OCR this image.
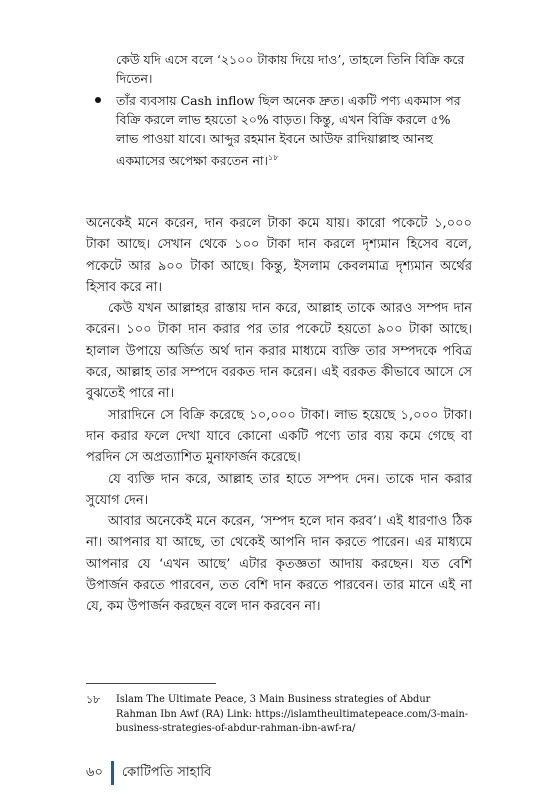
কেউ যদি এসে বলে ‘২১০০ টাকায় দিয়ে দাও’, তাহলে তিনি বিক্রি করে দিতেন।
তাঁর ব্যবসায় Cash inflow ছিল অনেক দ্রুত। একটি পণ্য একমাস পর বিক্রি করলে লাভ হয়তো ২০% বাড়ত। কিন্তু, এখন বিক্রি করলে ৫% লাভ পাওয়া যাবে। আব্দুর রহমান ইবনে আউফ রাদিয়াল্লাহু আনহু একমাসের অপেক্ষা করতেন না।$^{১৮}$

অনেকেই মনে করেন, দান করলে টাকা কমে যায়। কারো পকেটে ১,০০০ টাকা আছে। সেখান থেকে ১০০ টাকা দান করলে দৃশ্যমান হিসেব বলে, পকেটে আর ৯০০ টাকা আছে। কিন্তু, ইসলাম কেবলমাত্র দৃশ্যমান অর্থের হিসাব করে না।

কেউ যখন আল্লাহর রাস্তায় দান করে, আল্লাহ তাকে আরও সম্পদ দান করেন। ১০০ টাকা দান করার পর তার পকেটে হয়তো ৯০০ টাকা আছে। হালাল উপায়ে অর্জিত অর্থ দান করার মাধ্যমে ব্যক্তি তার সম্পদকে পবিত্র করে, আল্লাহ তার সম্পদে বরকত দান করেন। এই বরকত কীভাবে আসে সে বুঝতেই পারে না।

সারাদিনে সে বিক্রি করেছে ১০,০০০ টাকা। লাভ হয়েছে ১,০০০ টাকা। দান করার ফলে দেখা যাবে কোনো একটি পণ্যে তার ব্যয় কমে গেছে বা পরদিন সে অপ্রত্যাশিত মুনাফার্জন করেছে।

যে ব্যক্তি দান করে, আল্লাহ তার হাতে সম্পদ দেন। তাকে দান করার সুযোগ দেন।

আবার অনেকেই মনে করেন, ‘সম্পদ হলে দান করব’। এই ধারণাও ঠিক না। আপনার যা আছে, তা থেকেই আপনি দান করতে পারেন। এর মাধ্যমে আপনার যে ‘এখন আছে’ এটার কৃতজ্ঞতা আদায় করছেন। যত বেশি উপার্জন করতে পারবেন, তত বেশি দান করতে পারবেন। তার মানে এই না যে, কম উপার্জন করছেন বলে দান করবেন না।

১৮ Islam The Ultimate Peace, 3 Main Business strategies of Abdur Rahman Ibn Awf (RA) Link: https://islamtheultimatepeace.com/3-main-business-strategies-of-abdur-rahman-ibn-awf-ra/
৬০ কোটিপতি সাহাবি
